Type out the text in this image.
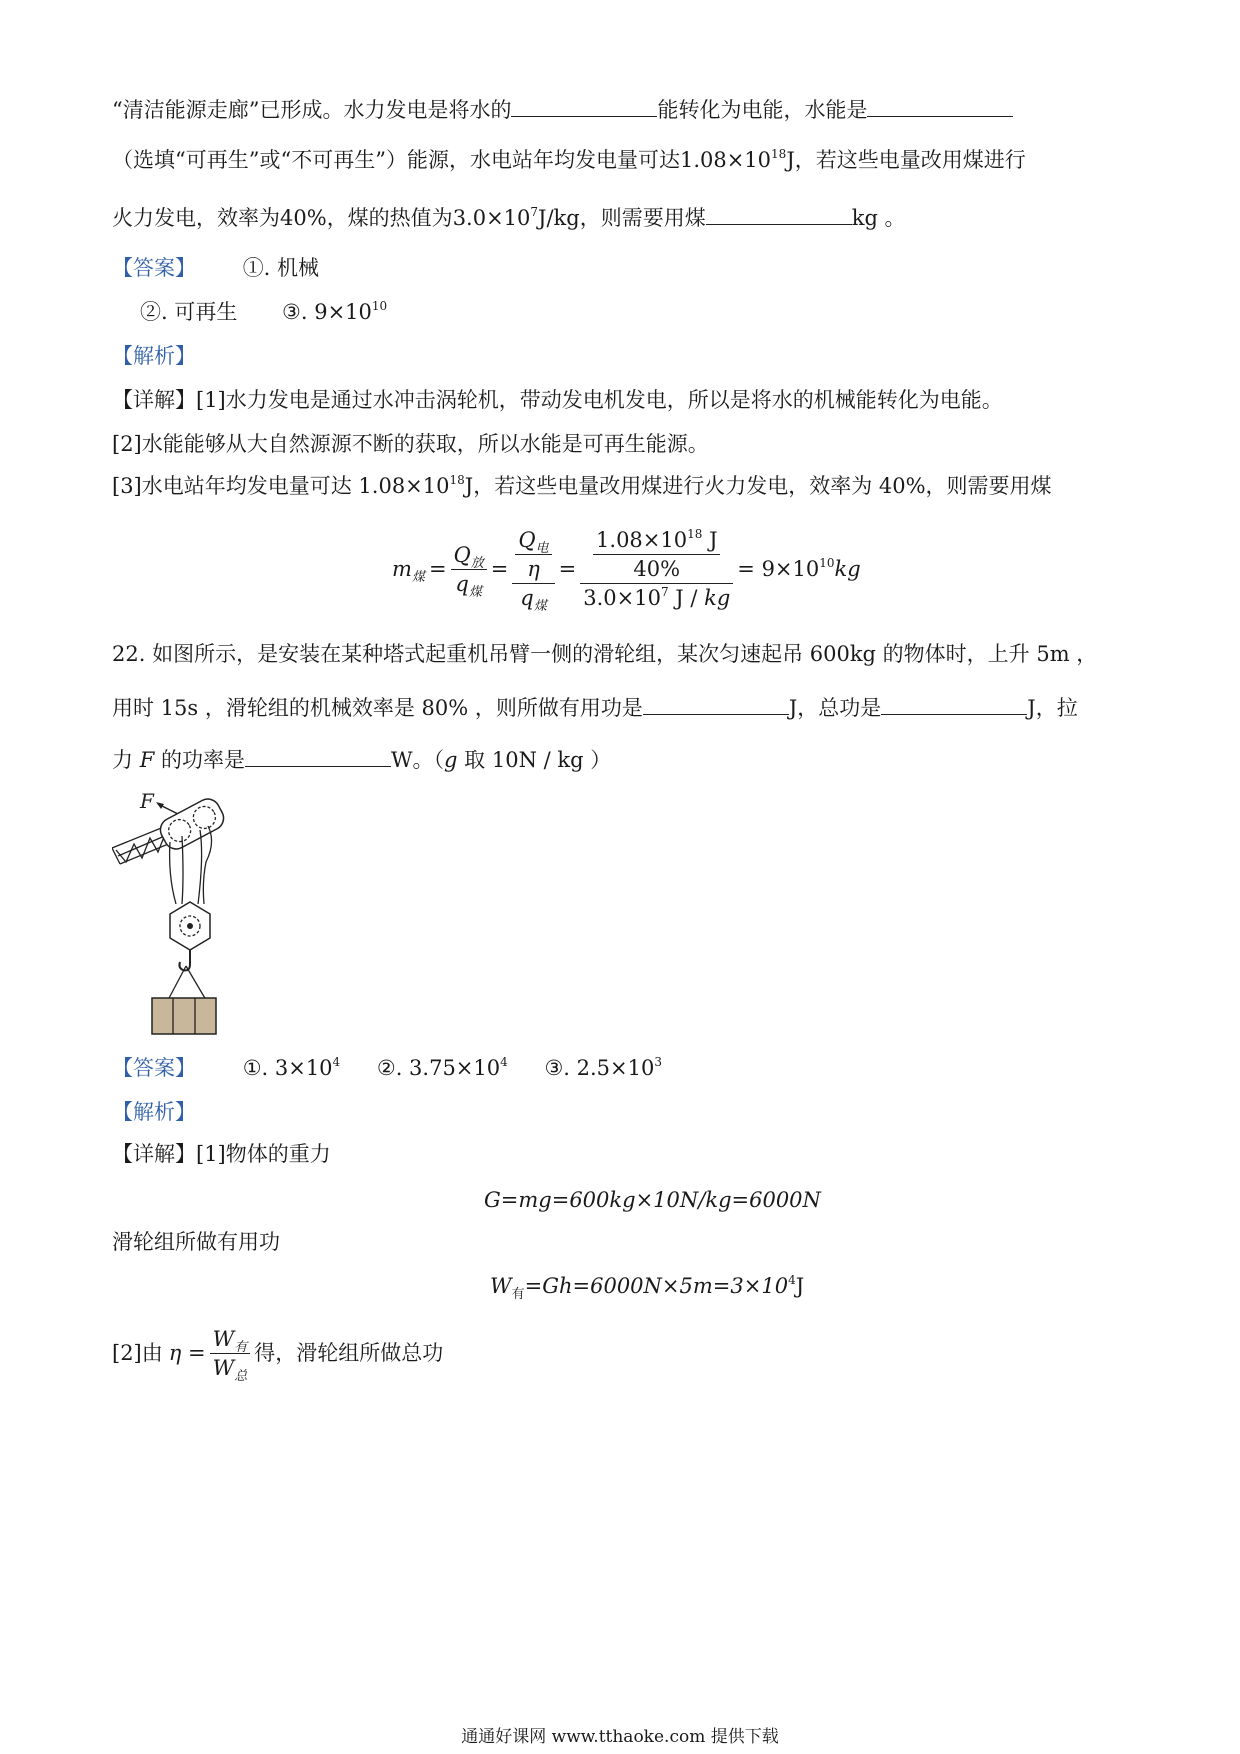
“清洁能源走廊”已形成。水力发电是将水的	能转化为电能，水能是
（选填“可再生”或“不可再生”）能源，水电站年均发电量可达$1.08\times 10^{18}J$，若这些电量改用煤进行
火力发电，效率为40%，煤的热值为$3.0\times 10^7J/kg$，则需要用煤	kg 。
【答案】 ①. 机械
②. 可再生 ③. $9\times 10^{10}$
【解析】
【详解】[1]水力发电是通过水冲击涡轮机，带动发电机发电，所以是将水的机械能转化为电能。
[2]水能能够从大自然源源不断的获取，所以水能是可再生能源。
[3]水电站年均发电量可达 $1.08\times 10^{18}J$，若这些电量改用煤进行火力发电，效率为 40%，则需要用煤
$m_煤 = \frac{Q_放}{q_煤} = \frac{\frac{Q_电}{\eta}}{q_煤} = \frac{\frac{1.08\times 10^{18} J}{40\%}}{3.0\times 10^7 J / kg} = 9\times 10^{10}kg$
22. 如图所示，是安装在某种塔式起重机吊臂一侧的滑轮组，某次匀速起吊 600kg 的物体时，上升 5m ，
用时 15s ，滑轮组的机械效率是 80% ，则所做有用功是	J，总功是	J，拉
力 F 的功率是	W。（g 取 10N / kg ）
F
【答案】 ①. $3\times 10^4$ ②. $3.75\times 10^4$ ③. $2.5\times 10^3$
【解析】
【详解】[1]物体的重力
G=mg=600kg×10N/kg=6000N
滑轮组所做有用功
$W_有=Gh=6000N\times 5m=3\times 10^4J$
[2]由 $\eta = \frac{W_有}{W_总}$ 得，滑轮组所做总功
通通好课网 www.tthaoke.com 提供下载
